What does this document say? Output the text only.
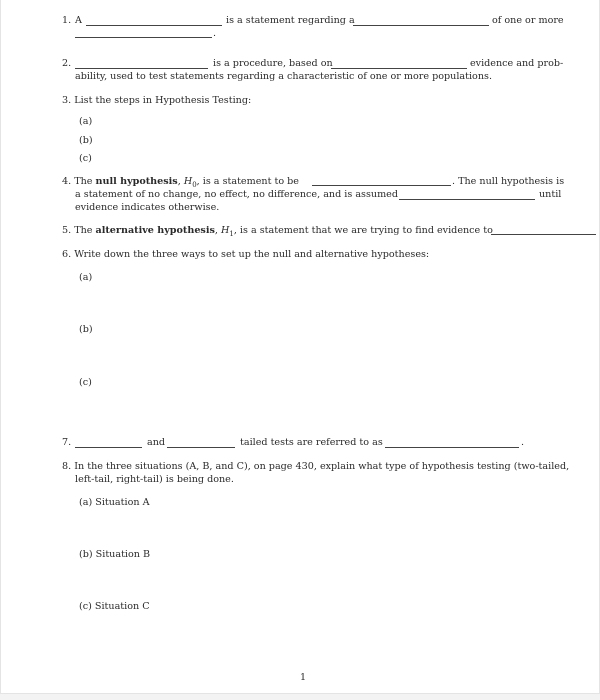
1. A	is a statement regarding a	of one or more
.
2.	is a procedure, based on	evidence and prob-
ability, used to test statements regarding a characteristic of one or more populations.
3. List the steps in Hypothesis Testing:
(a)
(b)
(c)
4. The null hypothesis, $H_0$, is a statement to be	. The null hypothesis is
a statement of no change, no effect, no difference, and is assumed	until
evidence indicates otherwise.
5. The alternative hypothesis, $H_1$, is a statement that we are trying to find evidence to
6. Write down the three ways to set up the null and alternative hypotheses:
(a)
(b)
(c)
7.	and	tailed tests are referred to as	.
8. In the three situations (A, B, and C), on page 430, explain what type of hypothesis testing (two-tailed,
left-tail, right-tail) is being done.
(a) Situation A
(b) Situation B
(c) Situation C
1
